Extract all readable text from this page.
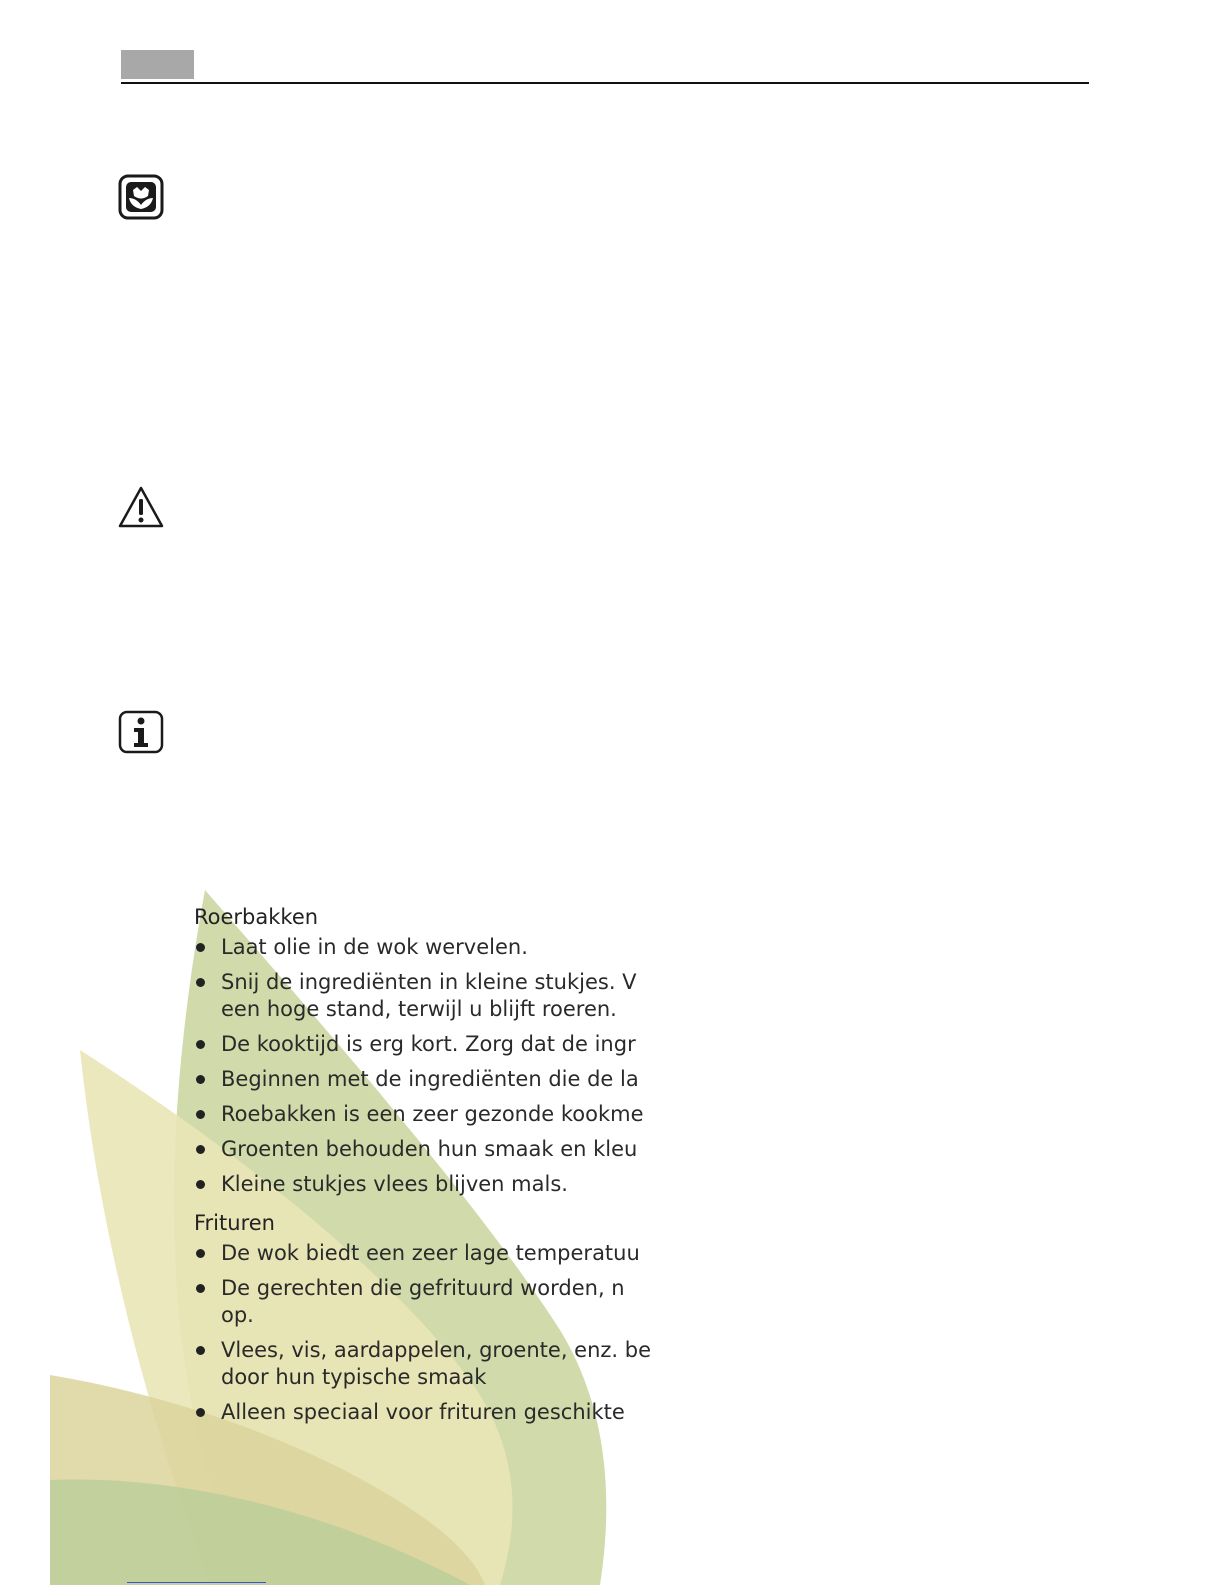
Roerbakken
Laat olie in de wok wervelen.
Snij de ingrediënten in kleine stukjes. V
een hoge stand, terwijl u blijft roeren.
De kooktijd is erg kort. Zorg dat de ingr
Beginnen met de ingrediënten die de la
Roebakken is een zeer gezonde kookme
Groenten behouden hun smaak en kleu
Kleine stukjes vlees blijven mals.
Frituren
De wok biedt een zeer lage temperatuu
De gerechten die gefrituurd worden, n
op.
Vlees, vis, aardappelen, groente, enz. be
door hun typische smaak
Alleen speciaal voor frituren geschikte
